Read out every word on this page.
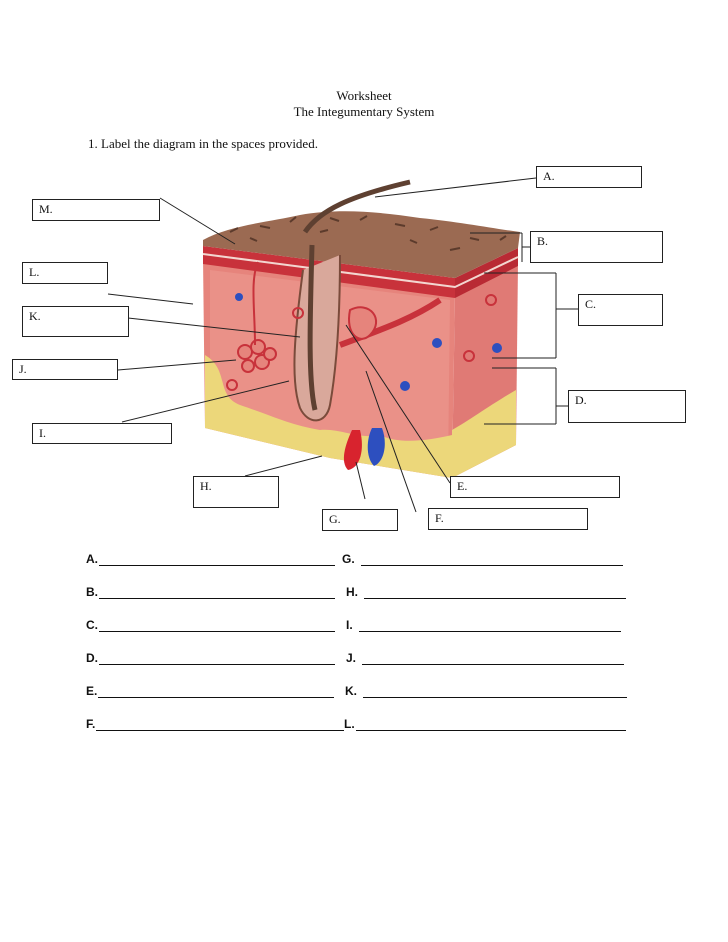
Worksheet
The Integumentary System
1. Label the diagram in the spaces provided.
A.
M.
B.
L.
C.
K.
J.
D.
I.
H.	E.
G.	F.
A.	G.
B.	H.
C.	I.
D.	J.
E.	K.
F.	L.
